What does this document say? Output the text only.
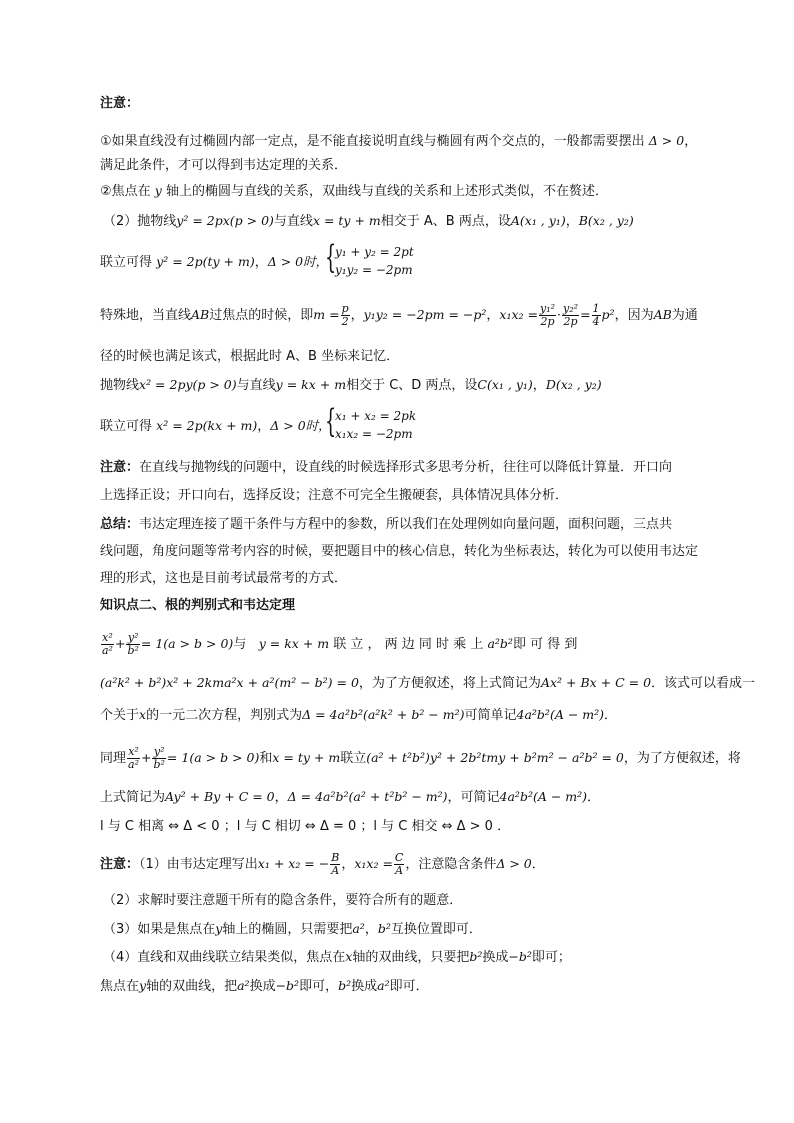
注意：
①如果直线没有过椭圆内部一定点，是不能直接说明直线与椭圆有两个交点的，一般都需要摆出 Δ > 0，
满足此条件，才可以得到韦达定理的关系．
②焦点在 y 轴上的椭圆与直线的关系，双曲线与直线的关系和上述形式类似，不在赘述．
（2）抛物线y² = 2px(p > 0)与直线x = ty + m相交于 A、B 两点，设A(x₁ , y₁)，B(x₂ , y₂)
联立可得 y² = 2p(ty + m)，Δ > 0时，
{
y₁ + y₂ = 2pt
y₁y₂ = −2pm
特殊地，当直线AB过焦点的时候，即$m = \frac{p}{2}$ ，y₁y₂ = −2pm = −p²，$x_1x_2 = \frac{\text{y₁²}}{2p} \cdot \frac{\text{y₂²}}{2p} = \frac{1}{4} p^2$，因为AB为通
径的时候也满足该式，根据此时 A、B 坐标来记忆．
抛物线x² = 2py(p > 0)与直线y = kx + m相交于 C、D 两点，设C(x₁ , y₁)，D(x₂ , y₂)
联立可得 x² = 2p(kx + m)，Δ > 0时，
{
x₁ + x₂ = 2pk
x₁x₂ = −2pm
注意：在直线与抛物线的问题中，设直线的时候选择形式多思考分析，往往可以降低计算量．开口向
上选择正设；开口向右，选择反设；注意不可完全生搬硬套，具体情况具体分析．
总结：韦达定理连接了题干条件与方程中的参数，所以我们在处理例如向量问题，面积问题，三点共
线问题，角度问题等常考内容的时候，要把题目中的核心信息，转化为坐标表达，转化为可以使用韦达定
理的形式，这也是目前考试最常考的方式．
知识点二、根的判别式和韦达定理
$\frac{\text{x²}}{\text{a²}} + \frac{\text{y²}}{\text{b²}} = 1(a > b > 0)$与 y = kx + m 联 立 ， 两 边 同 时 乘 上 a²b²即 可 得 到
(a²k² + b²)x² + 2kma²x + a²(m² − b²) = 0，为了方便叙述，将上式简记为Ax² + Bx + C = 0．该式可以看成一
个关于x的一元二次方程，判别式为Δ = 4a²b²(a²k² + b² − m²)可简单记4a²b²(A − m²)．
同理 $\frac{\text{x²}}{\text{a²}} + \frac{\text{y²}}{\text{b²}} = 1(a > b > 0)$和x = ty + m联立(a² + t²b²)y² + 2b²tmy + b²m² − a²b² = 0，为了方便叙述，将
上式简记为Ay² + By + C = 0，Δ = 4a²b²(a² + t²b² − m²)，可简记4a²b²(A − m²)．
l 与 C 相离 ⇔ Δ < 0 ；l 与 C 相切 ⇔ Δ = 0 ；l 与 C 相交 ⇔ Δ > 0 ．
注意：（1）由韦达定理写出x₁ + x₂ = − $\frac{B}{A}$ ，$x_1x_2 = \frac{C}{A}$ ，注意隐含条件Δ > 0．
（2）求解时要注意题干所有的隐含条件，要符合所有的题意．
（3）如果是焦点在y轴上的椭圆，只需要把a²，b²互换位置即可．
（4）直线和双曲线联立结果类似，焦点在x轴的双曲线，只要把b²换成−b²即可；
焦点在y轴的双曲线，把a²换成−b²即可，b²换成a²即可．
